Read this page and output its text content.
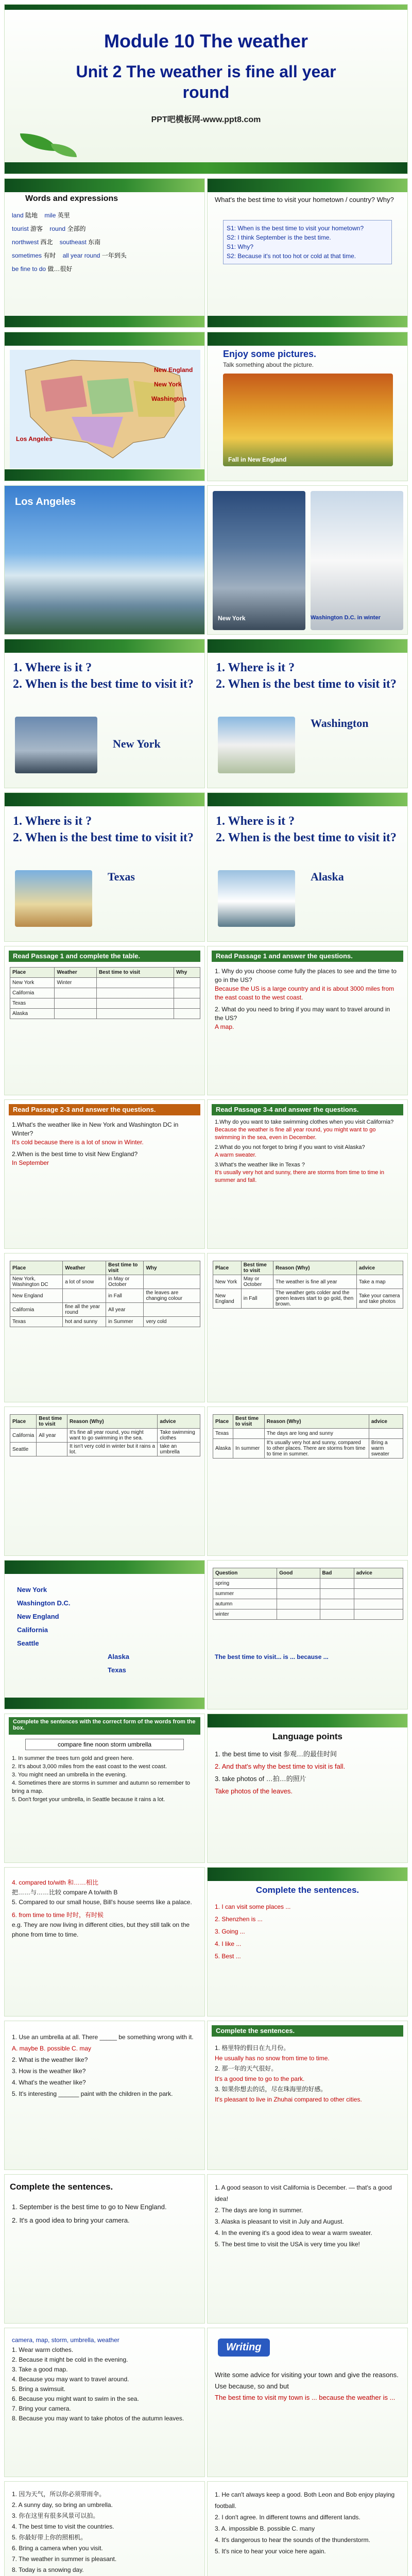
Module 10 The weather
Unit 2 The weather is fine all year round
PPT吧模板网-www.ppt8.com
Words and expressions
land 陆地 mile 英里
tourist 游客 round 全部的
northwest 西北 southeast 东南
sometimes 有时 all year round 一年到头
be fine to do 做…很好
What's the best time to visit your hometown / country? Why?
S1: When is the best time to visit your hometown?
S2: I think September is the best time.
S1: Why?
S2: Because it's not too hot or cold at that time.
New England
New York
Washington
Los Angeles
Enjoy some pictures.
Talk something about the picture.
Fall in New England
Los Angeles
New York	Washington D.C. in winter
1. Where is it ?
2. When is the best time to visit it?
New York
1. Where is it ?
2. When is the best time to visit it?
Washington
1. Where is it ?
2. When is the best time to visit it?
Texas
1. Where is it ?
2. When is the best time to visit it?
Alaska
Read Passage 1 and complete the table.
Place	Weather	Best time to visit	Why
New York	Winter		
California			
Texas			
Alaska			
Read Passage 1 and answer the questions.
1. Why do you choose come fully the places to see and the time to go in the US?
Because the US is a large country and it is about 3000 miles from the east coast to the west coast.
2. What do you need to bring if you may want to travel around in the US?
A map.
Read Passage 2-3 and answer the questions.
1.What's the weather like in New York and Washington DC in Winter?
It's cold because there is a lot of snow in Winter.
2.When is the best time to visit New England?
In September
Read Passage 3-4 and answer the questions.
1.Why do you want to take swimming clothes when you visit California?
Because the weather is fine all year round, you might want to go swimming in the sea, even in December.
2.What do you not forget to bring if you want to visit Alaska?
A warm sweater.
3.What's the weather like in Texas ?
It's usually very hot and sunny, there are storms from time to time in summer and fall.
Place	Weather	Best time to visit	Why
New York, Washington DC	a lot of snow	in May or October	
New England		in Fall	the leaves are changing colour
California	fine all the year round	All year	
Texas	hot and sunny	in Summer	very cold
Place	Best time to visit	Reason (Why)	advice
New York	May or October	The weather is fine all year	Take a map
New England	in Fall	The weather gets colder and the green leaves start to go gold, then brown.	Take your camera and take photos
Place	Best time to visit	Reason (Why)	advice
California	All year	It's fine all year round, you might want to go swimming in the sea.	Take swimming clothes
Seattle		It isn't very cold in winter but it rains a lot.	take an umbrella
Place	Best time to visit	Reason (Why)	advice
Texas		The days are long and sunny	
Alaska	In summer	It's usually very hot and sunny, compared to other places. There are storms from time to time in summer.	Bring a warm sweater
New York
Washington D.C.
New England
California
Seattle
Alaska
Texas
Question	Good	Bad	advice
spring			
summer			
autumn			
winter			
The best time to visit... is ... because ...
Complete the sentences with the correct form of the words from the box.
compare fine noon storm umbrella
1. In summer the trees turn gold and green here.
2. It's about 3,000 miles from the east coast to the west coast.
3. You might need an umbrella in the evening.
4. Sometimes there are storms in summer and autumn so remember to bring a map.
5. Don't forget your umbrella, in Seattle because it rains a lot.
Language points
1. the best time to visit 参观…的最佳时间
2. And that's why the best time to visit is fall.
3. take photos of …拍…的照片
Take photos of the leaves.
4. compared to/with 和……相比
把……与……比较 compare A to/with B
5. Compared to our small house, Bill's house seems like a palace.
6. from time to time 时时，有时候
e.g. They are now living in different cities, but they still talk on the phone from time to time.
Complete the sentences.
1. I can visit some places ...
2. Shenzhen is ...
3. Going ...
4. I like ...
5. Best ...
1. Use an umbrella at all. There _____ be something wrong with it.
A. maybe B. possible C. may
2. What is the weather like?
3. How is the weather like?
4. What's the weather like?
5. It's interesting ______ paint with the children in the park.
Complete the sentences.
1. 格里特的假日在九月份。
He usually has no snow from time to time.
2. 那一年的天气很好。
It's a good time to go to the park.
3. 如果你想去的话，尽在珠海里的好感。
It's pleasant to live in Zhuhai compared to other cities.
Complete the sentences.
1. September is the best time to go to New England.
2. It's a good idea to bring your camera.
1. A good season to visit California is December. — that's a good idea!
2. The days are long in summer.
3. Alaska is pleasant to visit in July and August.
4. In the evening it's a good idea to wear a warm sweater.
5. The best time to visit the USA is very time you like!
camera, map, storm, umbrella, weather
1. Wear warm clothes.
2. Because it might be cold in the evening.
3. Take a good map.
4. Because you may want to travel around.
5. Bring a swimsuit.
6. Because you might want to swim in the sea.
7. Bring your camera.
8. Because you may want to take photos of the autumn leaves.
Writing
Write some advice for visiting your town and give the reasons.
Use because, so and but
The best time to visit my town is ... because the weather is ...
1. 因为天气，所以你必须带雨伞。
2. A sunny day, so bring an umbrella.
3. 你在这里有很多风景可以拍。
4. The best time to visit the countries.
5. 你最好带上你的照相机。
6. Bring a camera when you visit.
7. The weather in summer is pleasant.
8. Today is a snowing day.
1. He can't always keep a good. Both Leon and Bob enjoy playing football.
2. I don't agree. In different towns and different lands.
3. A. impossible B. possible C. many
4. It's dangerous to hear the sounds of the thunderstorm.
5. It's nice to hear your voice here again.
